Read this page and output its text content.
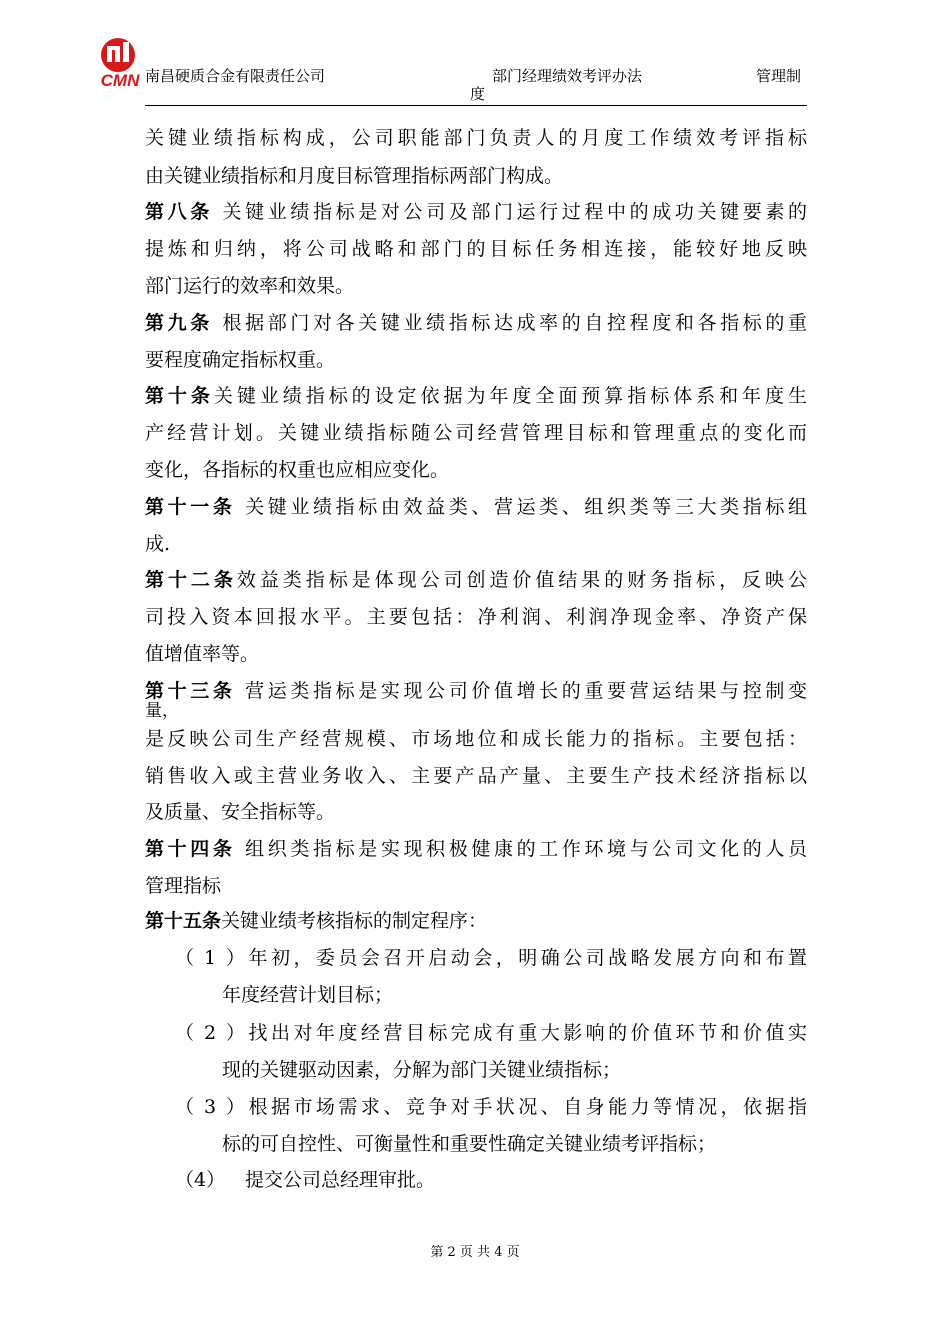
CMN 南昌硬质合金有限责任公司	部门经理绩效考评办法
度
管理制
关键业绩指标构成，公司职能部门负责人的月度工作绩效考评指标
由关键业绩指标和月度目标管理指标两部门构成。
第八条 关键业绩指标是对公司及部门运行过程中的成功关键要素的
提炼和归纳，将公司战略和部门的目标任务相连接，能较好地反映
部门运行的效率和效果。
第九条 根据部门对各关键业绩指标达成率的自控程度和各指标的重
要程度确定指标权重。
第十条关键业绩指标的设定依据为年度全面预算指标体系和年度生
产经营计划。关键业绩指标随公司经营管理目标和管理重点的变化而
变化，各指标的权重也应相应变化。
第十一条 关键业绩指标由效益类、营运类、组织类等三大类指标组
成.
第十二条效益类指标是体现公司创造价值结果的财务指标，反映公
司投入资本回报水平。主要包括：净利润、利润净现金率、净资产保
值增值率等。
第十三条 营运类指标是实现公司价值增长的重要营运结果与控制变
量，
是反映公司生产经营规模、市场地位和成长能力的指标。主要包括：
销售收入或主营业务收入、主要产品产量、主要生产技术经济指标以
及质量、安全指标等。
第十四条 组织类指标是实现积极健康的工作环境与公司文化的人员
管理指标
第十五条关键业绩考核指标的制定程序：
（1）年初，委员会召开启动会，明确公司战略发展方向和布置
年度经营计划目标；
（2）找出对年度经营目标完成有重大影响的价值环节和价值实
现的关键驱动因素，分解为部门关键业绩指标；
（3）根据市场需求、竞争对手状况、自身能力等情况，依据指
标的可自控性、可衡量性和重要性确定关键业绩考评指标；
（4） 提交公司总经理审批。
第 2 页 共 4 页
